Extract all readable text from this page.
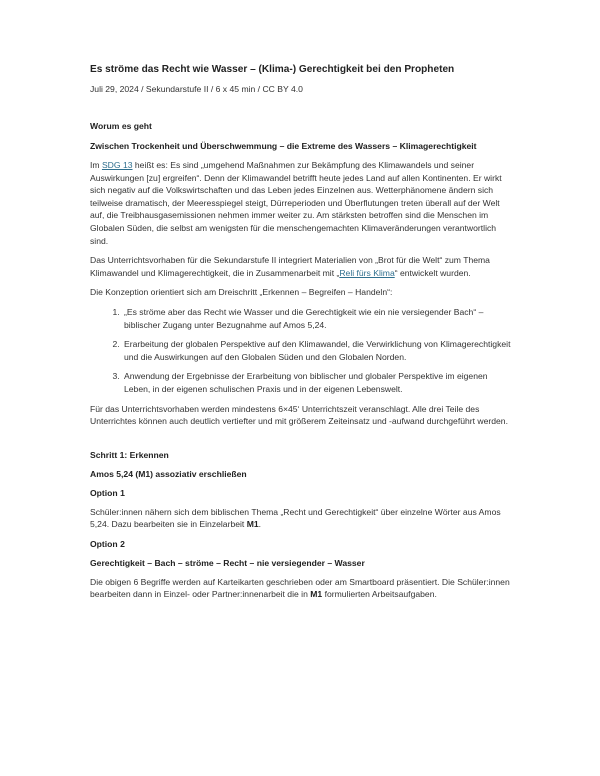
Es ströme das Recht wie Wasser – (Klima-) Gerechtigkeit bei den Propheten
Juli 29, 2024 / Sekundarstufe II / 6 x 45 min / CC BY 4.0
Worum es geht
Zwischen Trockenheit und Überschwemmung – die Extreme des Wassers – Klimagerechtigkeit

Im SDG 13 heißt es: Es sind „umgehend Maßnahmen zur Bekämpfung des Klimawandels und seiner Auswirkungen [zu] ergreifen“. Denn der Klimawandel betrifft heute jedes Land auf allen Kontinenten. Er wirkt sich negativ auf die Volkswirtschaften und das Leben jedes Einzelnen aus. Wetterphänomene ändern sich teilweise dramatisch, der Meeresspiegel steigt, Dürreperioden und Überflutungen treten überall auf der Welt auf, die Treibhausgasemissionen nehmen immer weiter zu. Am stärksten betroffen sind die Menschen im Globalen Süden, die selbst am wenigsten für die menschengemachten Klimaveränderungen verantwortlich sind.

Das Unterrichtsvorhaben für die Sekundarstufe II integriert Materialien von „Brot für die Welt“ zum Thema Klimawandel und Klimagerechtigkeit, die in Zusammenarbeit mit „Reli fürs Klima“ entwickelt wurden.

Die Konzeption orientiert sich am Dreischritt „Erkennen – Begreifen – Handeln“:

1. „Es ströme aber das Recht wie Wasser und die Gerechtigkeit wie ein nie versiegender Bach“ – biblischer Zugang unter Bezugnahme auf Amos 5,24.
2. Erarbeitung der globalen Perspektive auf den Klimawandel, die Verwirklichung von Klimagerechtigkeit und die Auswirkungen auf den Globalen Süden und den Globalen Norden.
3. Anwendung der Ergebnisse der Erarbeitung von biblischer und globaler Perspektive im eigenen Leben, in der eigenen schulischen Praxis und in der eigenen Lebenswelt.

Für das Unterrichtsvorhaben werden mindestens 6×45‘ Unterrichtszeit veranschlagt. Alle drei Teile des Unterrichtes können auch deutlich vertiefter und mit größerem Zeiteinsatz und -aufwand durchgeführt werden.

Schritt 1: Erkennen
Amos 5,24 (M1) assoziativ erschließen
Option 1

Schüler:innen nähern sich dem biblischen Thema „Recht und Gerechtigkeit“ über einzelne Wörter aus Amos 5,24. Dazu bearbeiten sie in Einzelarbeit M1.

Option 2
Gerechtigkeit – Bach – ströme – Recht – nie versiegender – Wasser

Die obigen 6 Begriffe werden auf Karteikarten geschrieben oder am Smartboard präsentiert. Die Schüler:innen bearbeiten dann in Einzel- oder Partner:innenarbeit die in M1 formulierten Arbeitsaufgaben.
